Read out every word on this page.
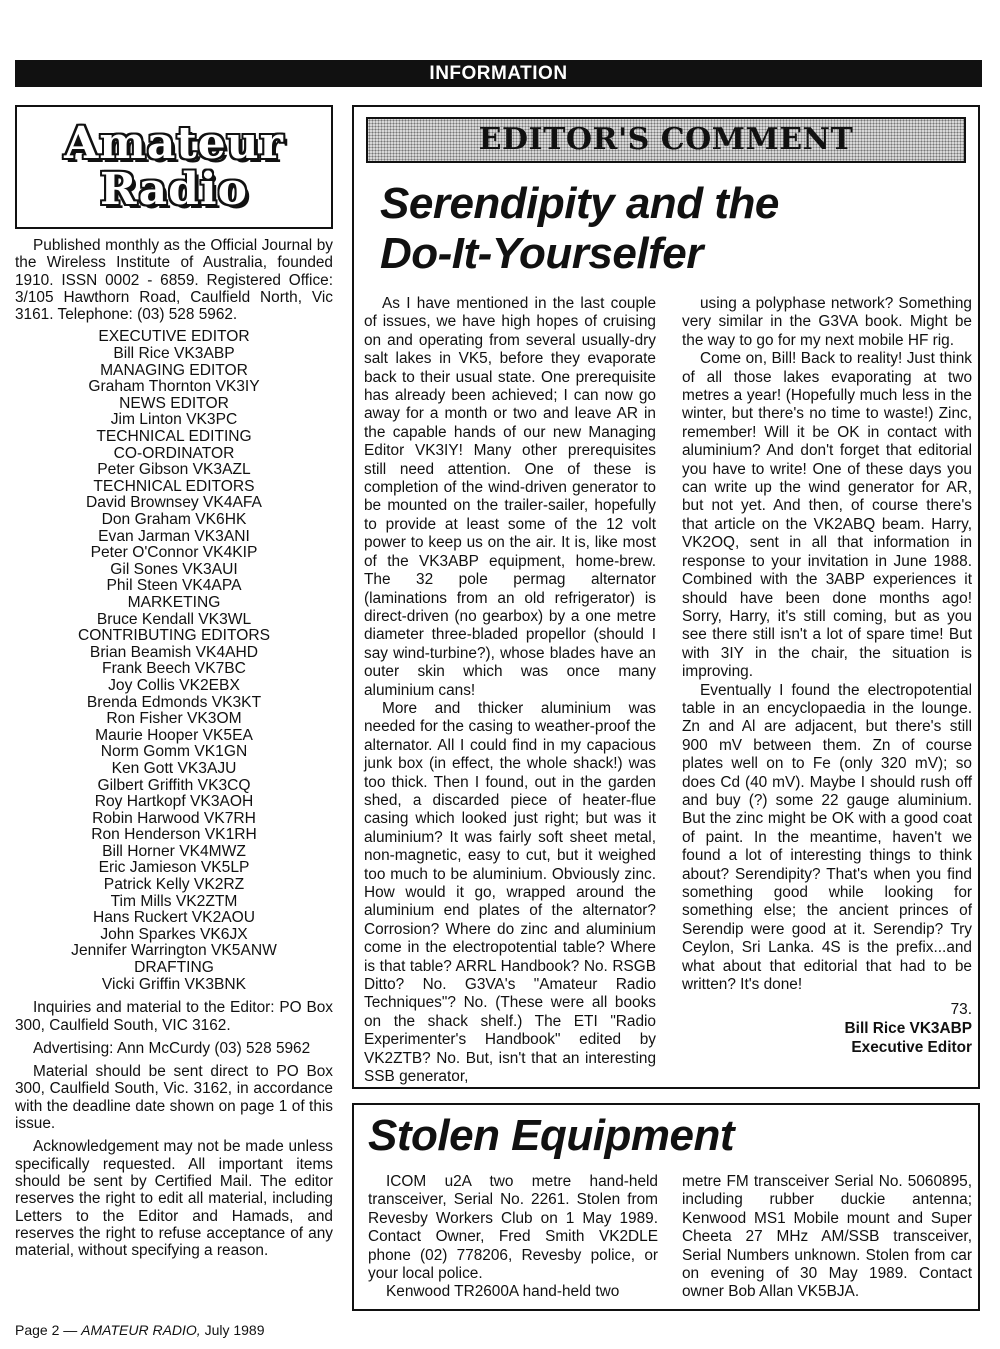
INFORMATION
Amateur
Radio

Published monthly as the Official Journal by the Wireless Institute of Australia, founded 1910. ISSN 0002 - 6859. Registered Office: 3/105 Hawthorn Road, Caulfield North, Vic 3161. Telephone: (03) 528 5962.

EXECUTIVE EDITOR
Bill Rice VK3ABP
MANAGING EDITOR
Graham Thornton VK3IY
NEWS EDITOR
Jim Linton VK3PC
TECHNICAL EDITING
CO-ORDINATOR
Peter Gibson VK3AZL
TECHNICAL EDITORS
David Brownsey VK4AFA
Don Graham VK6HK
Evan Jarman VK3ANI
Peter O'Connor VK4KIP
Gil Sones VK3AUI
Phil Steen VK4APA
MARKETING
Bruce Kendall VK3WL
CONTRIBUTING EDITORS
Brian Beamish VK4AHD
Frank Beech VK7BC
Joy Collis VK2EBX
Brenda Edmonds VK3KT
Ron Fisher VK3OM
Maurie Hooper VK5EA
Norm Gomm VK1GN
Ken Gott VK3AJU
Gilbert Griffith VK3CQ
Roy Hartkopf VK3AOH
Robin Harwood VK7RH
Ron Henderson VK1RH
Bill Horner VK4MWZ
Eric Jamieson VK5LP
Patrick Kelly VK2RZ
Tim Mills VK2ZTM
Hans Ruckert VK2AOU
John Sparkes VK6JX
Jennifer Warrington VK5ANW
DRAFTING
Vicki Griffin VK3BNK

Inquiries and material to the Editor: PO Box 300, Caulfield South, VIC 3162.

Advertising: Ann McCurdy (03) 528 5962

Material should be sent direct to PO Box 300, Caulfield South, Vic. 3162, in accordance with the deadline date shown on page 1 of this issue.

Acknowledgement may not be made unless specifically requested. All important items should be sent by Certified Mail. The editor reserves the right to edit all material, including Letters to the Editor and Hamads, and reserves the right to refuse acceptance of any material, without specifying a reason.

EDITOR'S COMMENT
Serendipity and the
Do-It-Yourselfer

As I have mentioned in the last couple of issues, we have high hopes of cruising on and operating from several usually-dry salt lakes in VK5, before they evaporate back to their usual state. One prerequisite has already been achieved; I can now go away for a month or two and leave AR in the capable hands of our new Managing Editor VK3IY! Many other prerequisites still need attention. One of these is completion of the wind-driven generator to be mounted on the trailer-sailer, hopefully to provide at least some of the 12 volt power to keep us on the air. It is, like most of the VK3ABP equipment, home-brew. The 32 pole permag alternator (laminations from an old refrigerator) is direct-driven (no gearbox) by a one metre diameter three-bladed propellor (should I say wind-turbine?), whose blades have an outer skin which was once many aluminium cans!

More and thicker aluminium was needed for the casing to weather-proof the alternator. All I could find in my capacious junk box (in effect, the whole shack!) was too thick. Then I found, out in the garden shed, a discarded piece of heater-flue casing which looked just right; but was it aluminium? It was fairly soft sheet metal, non-magnetic, easy to cut, but it weighed too much to be aluminium. Obviously zinc. How would it go, wrapped around the aluminium end plates of the alternator? Corrosion? Where do zinc and aluminium come in the electropotential table? Where is that table? ARRL Handbook? No. RSGB Ditto? No. G3VA's "Amateur Radio Techniques"? No. (These were all books on the shack shelf.) The ETI "Radio Experimenter's Handbook" edited by VK2ZTB? No. But, isn't that an interesting SSB generator,

using a polyphase network? Something very similar in the G3VA book. Might be the way to go for my next mobile HF rig.

Come on, Bill! Back to reality! Just think of all those lakes evaporating at two metres a year! (Hopefully much less in the winter, but there's no time to waste!) Zinc, remember! Will it be OK in contact with aluminium? And don't forget that editorial you have to write! One of these days you can write up the wind generator for AR, but not yet. And then, of course there's that article on the VK2ABQ beam. Harry, VK2OQ, sent in all that information in response to your invitation in June 1988. Combined with the 3ABP experiences it should have been done months ago! Sorry, Harry, it's still coming, but as you see there still isn't a lot of spare time! But with 3IY in the chair, the situation is improving.

Eventually I found the electropotential table in an encyclopaedia in the lounge. Zn and Al are adjacent, but there's still 900 mV between them. Zn of course plates well on to Fe (only 320 mV); so does Cd (40 mV). Maybe I should rush off and buy (?) some 22 gauge aluminium. But the zinc might be OK with a good coat of paint. In the meantime, haven't we found a lot of interesting things to think about? Serendipity? That's when you find something good while looking for something else; the ancient princes of Serendip were good at it. Serendip? Try Ceylon, Sri Lanka. 4S is the prefix...and what about that editorial that had to be written? It's done!

73.
Bill Rice VK3ABP
Executive Editor
Stolen Equipment

ICOM u2A two metre hand-held transceiver, Serial No. 2261. Stolen from Revesby Workers Club on 1 May 1989. Contact Owner, Fred Smith VK2DLE phone (02) 778206, Revesby police, or your local police.

Kenwood TR2600A hand-held two

metre FM transceiver Serial No. 5060895, including rubber duckie antenna; Kenwood MS1 Mobile mount and Super Cheeta 27 MHz AM/SSB transceiver, Serial Numbers unknown. Stolen from car on evening of 30 May 1989. Contact owner Bob Allan VK5BJA.

Page 2 — AMATEUR RADIO, July 1989
